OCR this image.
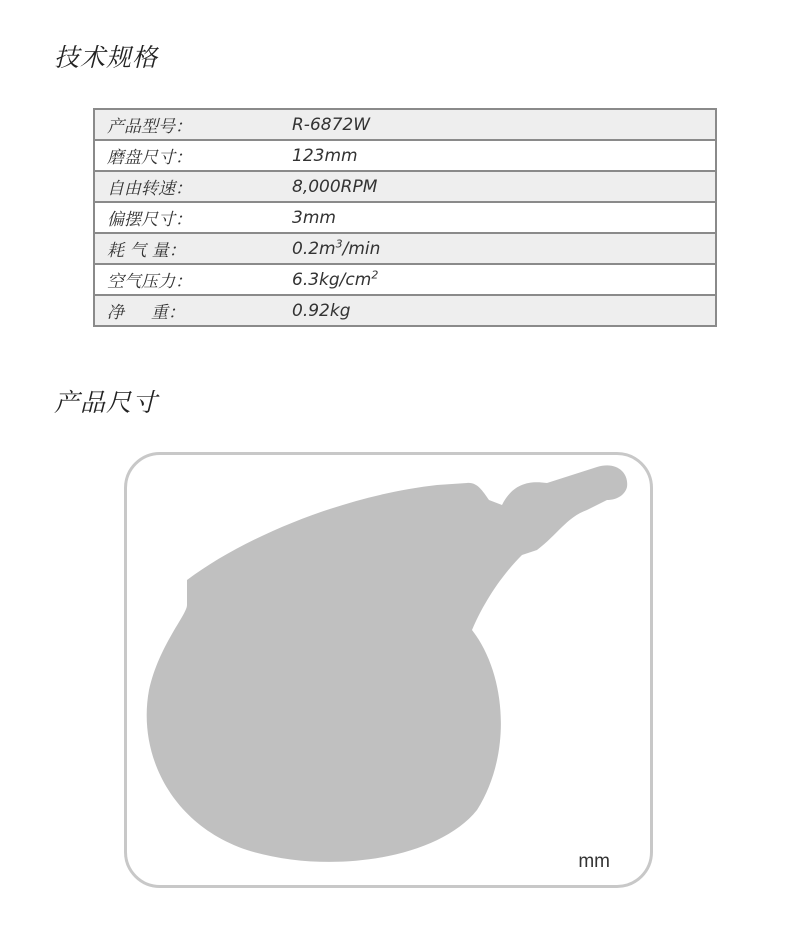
技术规格
产品型号：	R-6872W
磨盘尺寸：	123mm
自由转速：	8,000RPM
偏摆尺寸：	3mm
耗 气 量：	$0.2m^3/\min$
空气压力：	$6.3kg/cm^2$
净     重：	0.92kg
产品尺寸
mm
